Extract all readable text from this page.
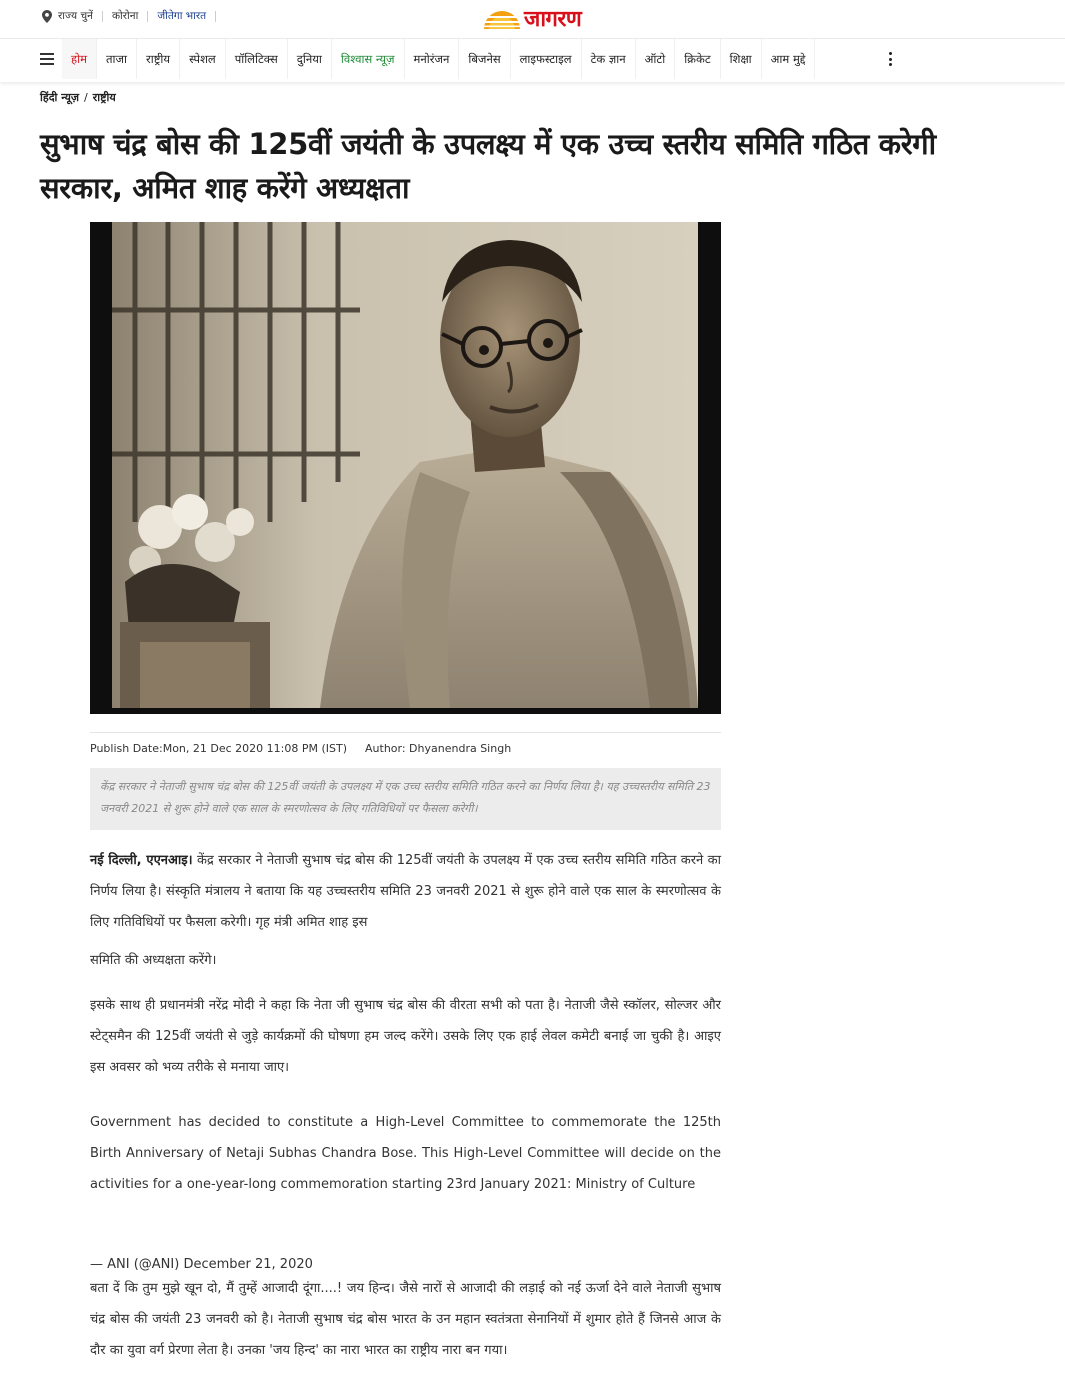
राज्य चुनें कोरोना जीतेगा भारत	जागरण
होम	ताजा	राष्ट्रीय	स्पेशल	पॉलिटिक्स	दुनिया	विश्वास न्यूज़	मनोरंजन	बिजनेस	लाइफस्टाइल	टेक ज्ञान	ऑटो	क्रिकेट	शिक्षा	आम मुद्दे
हिंदी न्यूज़ / राष्ट्रीय
सुभाष चंद्र बोस की 125वीं जयंती के उपलक्ष्य में एक उच्च स्तरीय समिति गठित करेगी सरकार, अमित शाह करेंगे अध्यक्षता
Publish Date:Mon, 21 Dec 2020 11:08 PM (IST) Author: Dhyanendra Singh
केंद्र सरकार ने नेताजी सुभाष चंद्र बोस की 125वीं जयंती के उपलक्ष्य में एक उच्च स्तरीय समिति गठित करने का निर्णय लिया है। यह उच्चस्तरीय समिति 23 जनवरी 2021 से शुरू होने वाले एक साल के स्मरणोत्सव के लिए गतिविधियों पर फैसला करेगी।

नई दिल्ली, एएनआइ। केंद्र सरकार ने नेताजी सुभाष चंद्र बोस की 125वीं जयंती के उपलक्ष्य में एक उच्च स्तरीय समिति गठित करने का निर्णय लिया है। संस्कृति मंत्रालय ने बताया कि यह उच्चस्तरीय समिति 23 जनवरी 2021 से शुरू होने वाले एक साल के स्मरणोत्सव के लिए गतिविधियों पर फैसला करेगी। गृह मंत्री अमित शाह इस

समिति की अध्यक्षता करेंगे।

इसके साथ ही प्रधानमंत्री नरेंद्र मोदी ने कहा कि नेता जी सुभाष चंद्र बोस की वीरता सभी को पता है। नेताजी जैसे स्कॉलर, सोल्जर और स्टेट्समैन की 125वीं जयंती से जुड़े कार्यक्रमों की घोषणा हम जल्द करेंगे। उसके लिए एक हाई लेवल कमेटी बनाई जा चुकी है। आइए इस अवसर को भव्य तरीके से मनाया जाए।

Government has decided to constitute a High-Level Committee to commemorate the 125th Birth Anniversary of Netaji Subhas Chandra Bose. This High-Level Committee will decide on the activities for a one-year-long commemoration starting 23rd January 2021: Ministry of Culture

— ANI (@ANI) December 21, 2020

बता दें कि तुम मुझे खून दो, मैं तुम्हें आजादी दूंगा....! जय हिन्द। जैसे नारों से आजादी की लड़ाई को नई ऊर्जा देने वाले नेताजी सुभाष चंद्र बोस की जयंती 23 जनवरी को है। नेताजी सुभाष चंद्र बोस भारत के उन महान स्वतंत्रता सेनानियों में शुमार होते हैं जिनसे आज के दौर का युवा वर्ग प्रेरणा लेता है। उनका 'जय हिन्द' का नारा भारत का राष्ट्रीय नारा बन गया।
